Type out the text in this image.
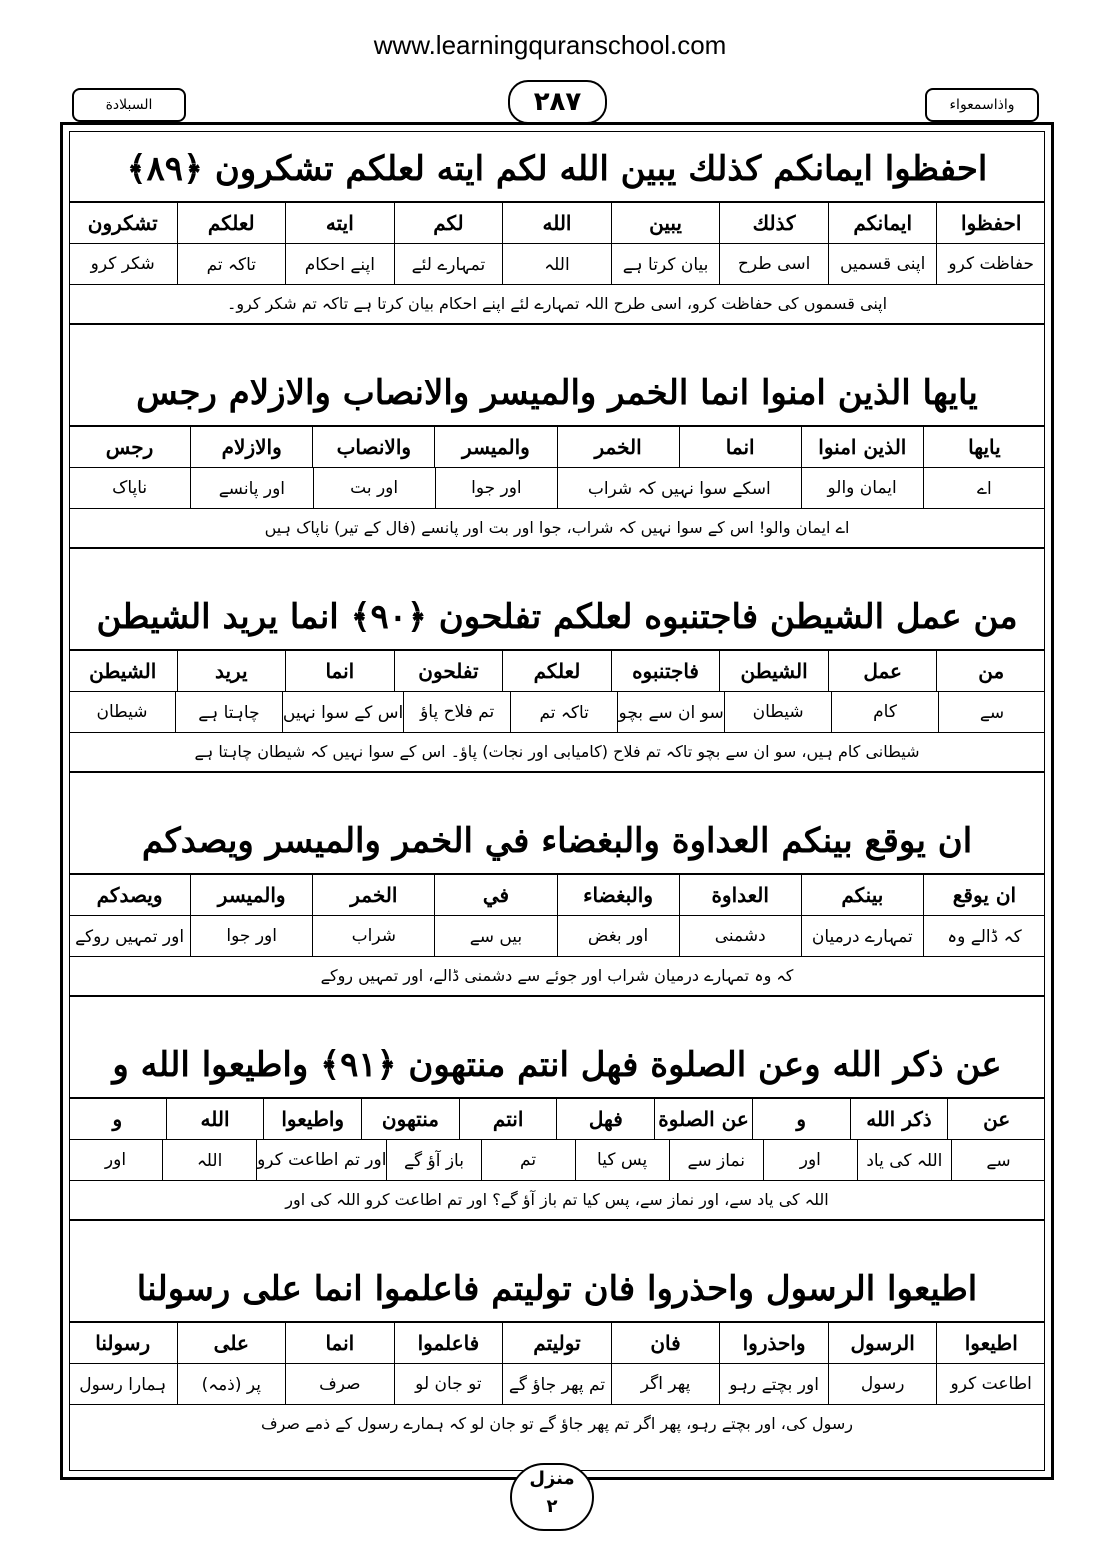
www.learningquranschool.com
السبلادة	٢٨٧	واذاسمعواء
احفظوا ايمانكم كذلك يبين الله لكم ايته لعلكم تشكرون ﴿٨٩﴾
احفظوا
ايمانكم
كذلك
يبين
الله
لكم
ايته
لعلكم
تشكرون
حفاظت کرو
اپنی قسمیں
اسی طرح
بیان کرتا ہے
اللہ
تمہارے لئے
اپنے احکام
تاکہ تم
شکر کرو
اپنی قسموں کی حفاظت کرو، اسی طرح اللہ تمہارے لئے اپنے احکام بیان کرتا ہے تاکہ تم شکر کرو۔
يايها الذين امنوا انما الخمر والميسر والانصاب والازلام رجس
يايها
الذين امنوا
انما
الخمر
والميسر
والانصاب
والازلام
رجس
اے
ایمان والو
اسکے سوا نہیں کہ شراب
اور جوا
اور بت
اور پانسے
ناپاک
اے ایمان والو! اس کے سوا نہیں کہ شراب، جوا اور بت اور پانسے (فال کے تیر) ناپاک ہیں
من عمل الشيطن فاجتنبوه لعلكم تفلحون ﴿٩٠﴾ انما يريد الشيطن
من
عمل
الشيطن
فاجتنبوه
لعلكم
تفلحون
انما
يريد
الشيطن
سے
کام
شیطان
سو ان سے بچو
تاکہ تم
تم فلاح پاؤ
اس کے سوا نہیں
چاہتا ہے
شیطان
شیطانی کام ہیں، سو ان سے بچو تاکہ تم فلاح (کامیابی اور نجات) پاؤ۔ اس کے سوا نہیں کہ شیطان چاہتا ہے
ان يوقع بينكم العداوة والبغضاء في الخمر والميسر ويصدكم
ان يوقع
بينكم
العداوة
والبغضاء
في
الخمر
والميسر
ويصدكم
کہ ڈالے وہ
تمہارے درمیان
دشمنی
اور بغض
بیں سے
شراب
اور جوا
اور تمہیں روکے
کہ وہ تمہارے درمیان شراب اور جوئے سے دشمنی ڈالے، اور تمہیں روکے
عن ذكر الله وعن الصلوة فهل انتم منتهون ﴿٩١﴾ واطيعوا الله و
عن
ذكر الله
و
عن الصلوة
فهل
انتم
منتهون
واطيعوا
الله
و
سے
اللہ کی یاد
اور
نماز سے
پس کیا
تم
باز آؤ گے
اور تم اطاعت کرو
اللہ
اور
اللہ کی یاد سے، اور نماز سے، پس کیا تم باز آؤ گے؟ اور تم اطاعت کرو اللہ کی اور
اطيعوا الرسول واحذروا فان توليتم فاعلموا انما على رسولنا
اطيعوا
الرسول
واحذروا
فان
توليتم
فاعلموا
انما
على
رسولنا
اطاعت کرو
رسول
اور بچتے رہو
پھر اگر
تم پھر جاؤ گے
تو جان لو
صرف
پر (ذمہ)
ہمارا رسول
رسول کی، اور بچتے رہو، پھر اگر تم پھر جاؤ گے تو جان لو کہ ہمارے رسول کے ذمے صرف
منزل
٢
